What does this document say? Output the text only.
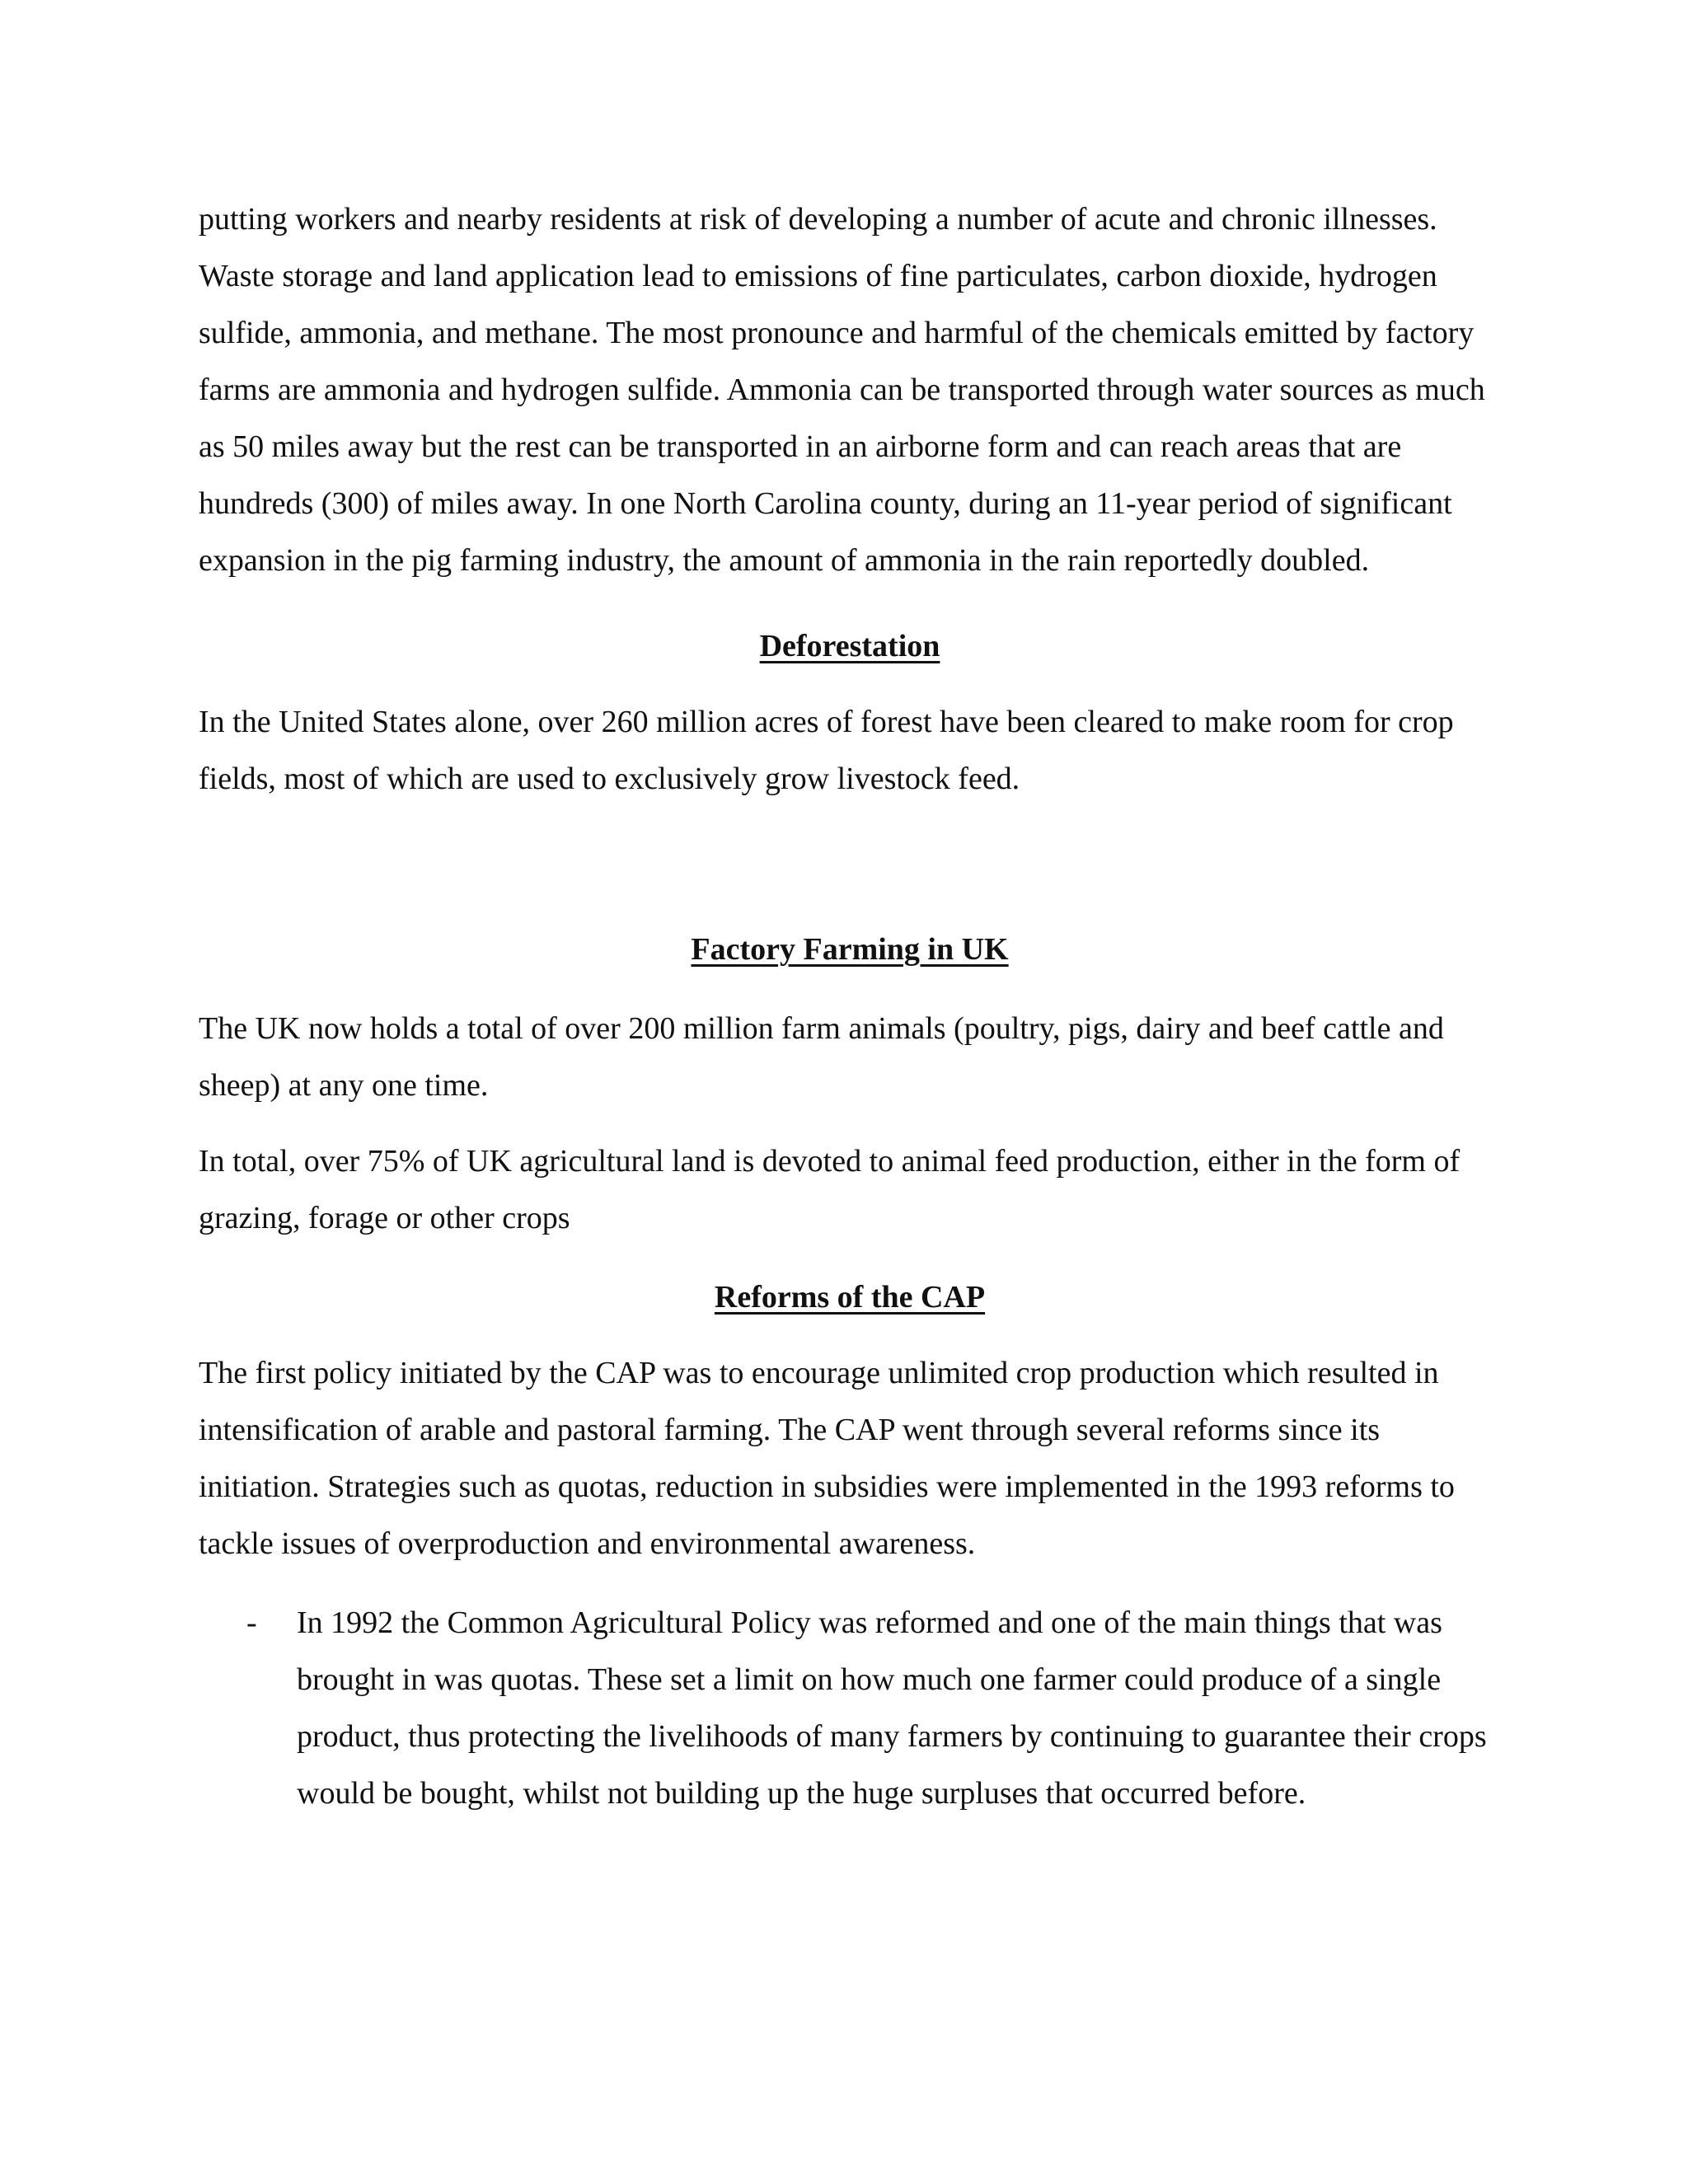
putting workers and nearby residents at risk of developing a number of acute and chronic illnesses. Waste storage and land application lead to emissions of fine particulates, carbon dioxide, hydrogen sulfide, ammonia, and methane. The most pronounce and harmful of the chemicals emitted by factory farms are ammonia and hydrogen sulfide. Ammonia can be transported through water sources as much as 50 miles away but the rest can be transported in an airborne form and can reach areas that are hundreds (300) of miles away. In one North Carolina county, during an 11-year period of significant expansion in the pig farming industry, the amount of ammonia in the rain reportedly doubled.

Deforestation

In the United States alone, over 260 million acres of forest have been cleared to make room for crop fields, most of which are used to exclusively grow livestock feed.

Factory Farming in UK

The UK now holds a total of over 200 million farm animals (poultry, pigs, dairy and beef cattle and sheep) at any one time.

In total, over 75% of UK agricultural land is devoted to animal feed production, either in the form of grazing, forage or other crops

Reforms of the CAP

The first policy initiated by the CAP was to encourage unlimited crop production which resulted in intensification of arable and pastoral farming. The CAP went through several reforms since its initiation. Strategies such as quotas, reduction in subsidies were implemented in the 1993 reforms to tackle issues of overproduction and environmental awareness.

- In 1992 the Common Agricultural Policy was reformed and one of the main things that was brought in was quotas. These set a limit on how much one farmer could produce of a single product, thus protecting the livelihoods of many farmers by continuing to guarantee their crops would be bought, whilst not building up the huge surpluses that occurred before.
